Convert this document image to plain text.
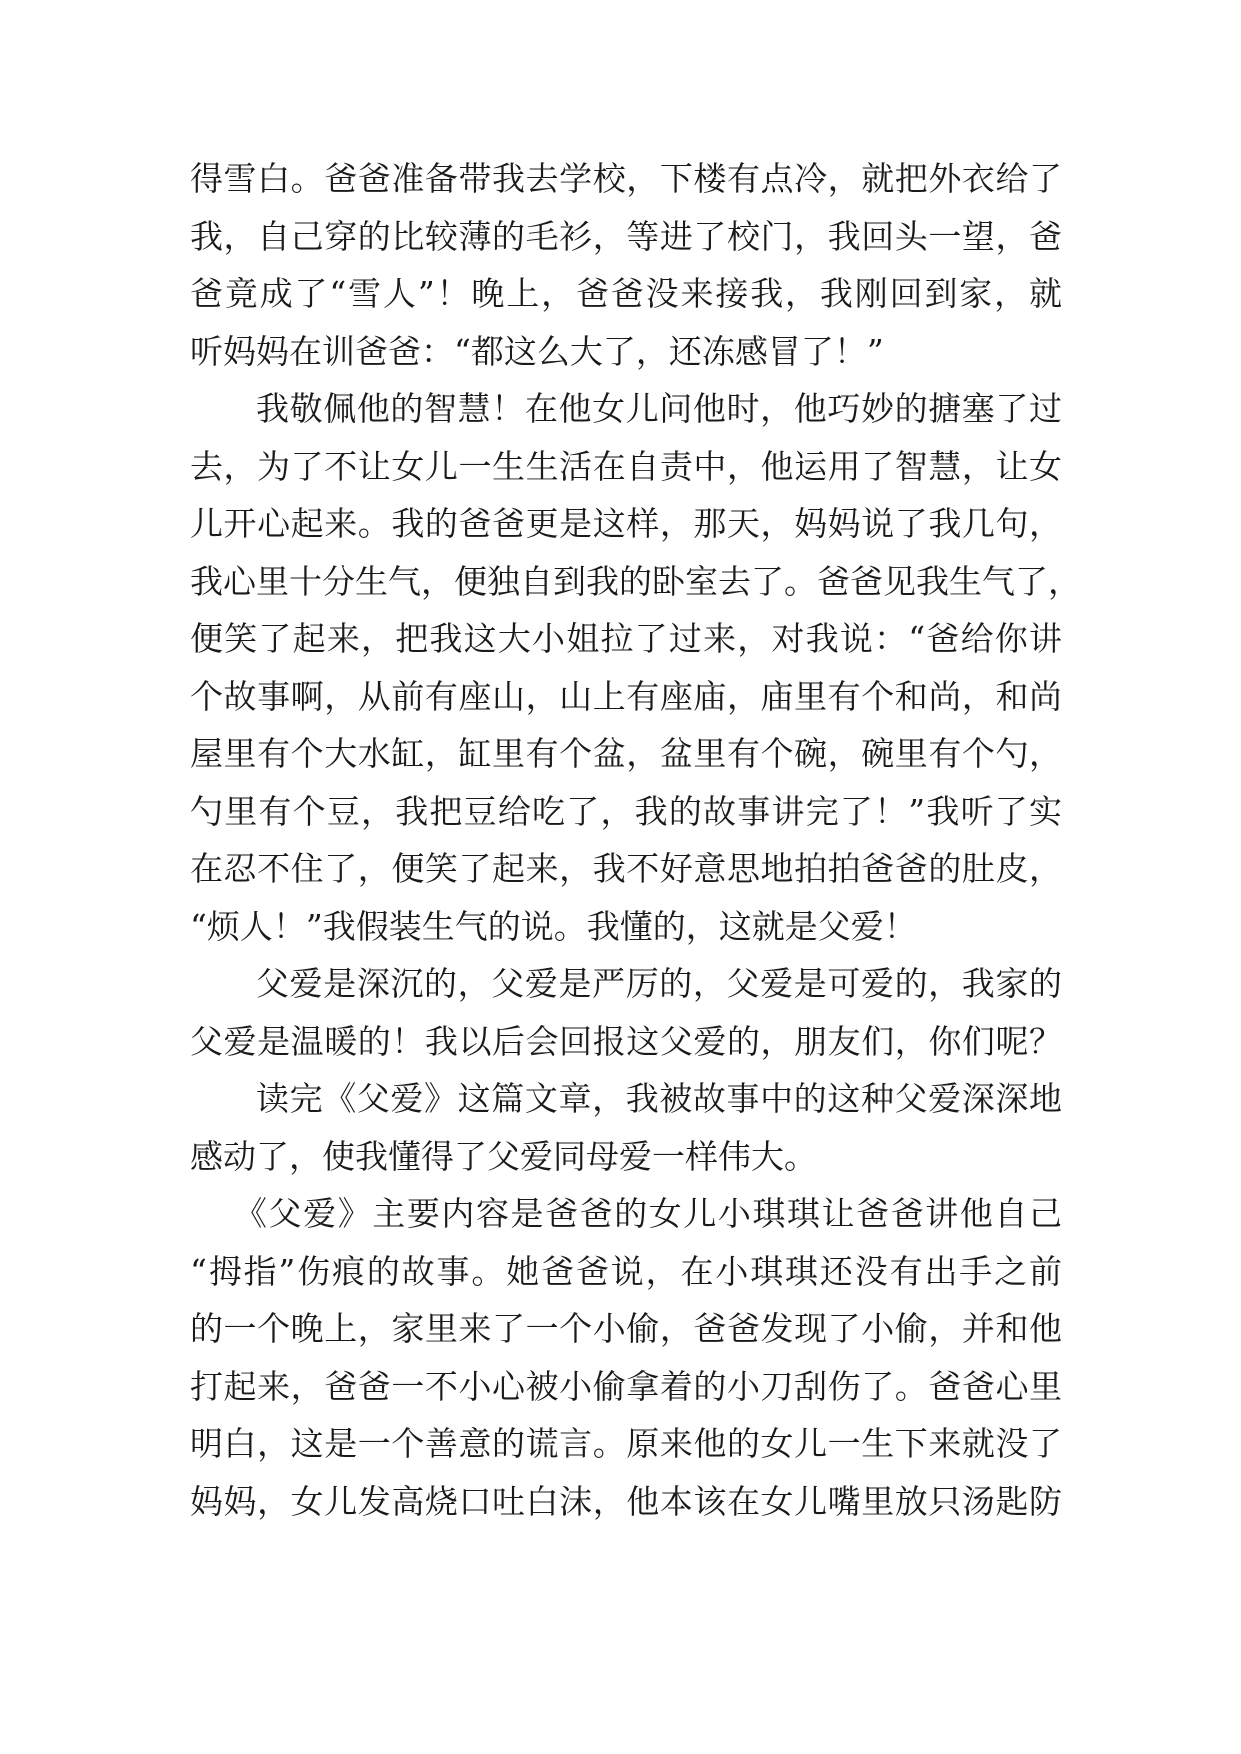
得雪白。爸爸准备带我去学校，下楼有点冷，就把外衣给了
我，自己穿的比较薄的毛衫，等进了校门，我回头一望，爸
爸竟成了“雪人”！晚上，爸爸没来接我，我刚回到家，就
听妈妈在训爸爸：“都这么大了，还冻感冒了！”
我敬佩他的智慧！在他女儿问他时，他巧妙的搪塞了过
去，为了不让女儿一生生活在自责中，他运用了智慧，让女
儿开心起来。我的爸爸更是这样，那天，妈妈说了我几句，
我心里十分生气，便独自到我的卧室去了。爸爸见我生气了，
便笑了起来，把我这大小姐拉了过来，对我说：“爸给你讲
个故事啊，从前有座山，山上有座庙，庙里有个和尚，和尚
屋里有个大水缸，缸里有个盆，盆里有个碗，碗里有个勺，
勺里有个豆，我把豆给吃了，我的故事讲完了！”我听了实
在忍不住了，便笑了起来，我不好意思地拍拍爸爸的肚皮，
“烦人！”我假装生气的说。我懂的，这就是父爱！
父爱是深沉的，父爱是严厉的，父爱是可爱的，我家的
父爱是温暖的！我以后会回报这父爱的，朋友们，你们呢？
读完《父爱》这篇文章，我被故事中的这种父爱深深地
感动了，使我懂得了父爱同母爱一样伟大。
《父爱》主要内容是爸爸的女儿小琪琪让爸爸讲他自己
“拇指”伤痕的故事。她爸爸说，在小琪琪还没有出手之前
的一个晚上，家里来了一个小偷，爸爸发现了小偷，并和他
打起来，爸爸一不小心被小偷拿着的小刀刮伤了。爸爸心里
明白，这是一个善意的谎言。原来他的女儿一生下来就没了
妈妈，女儿发高烧口吐白沫，他本该在女儿嘴里放只汤匙防
